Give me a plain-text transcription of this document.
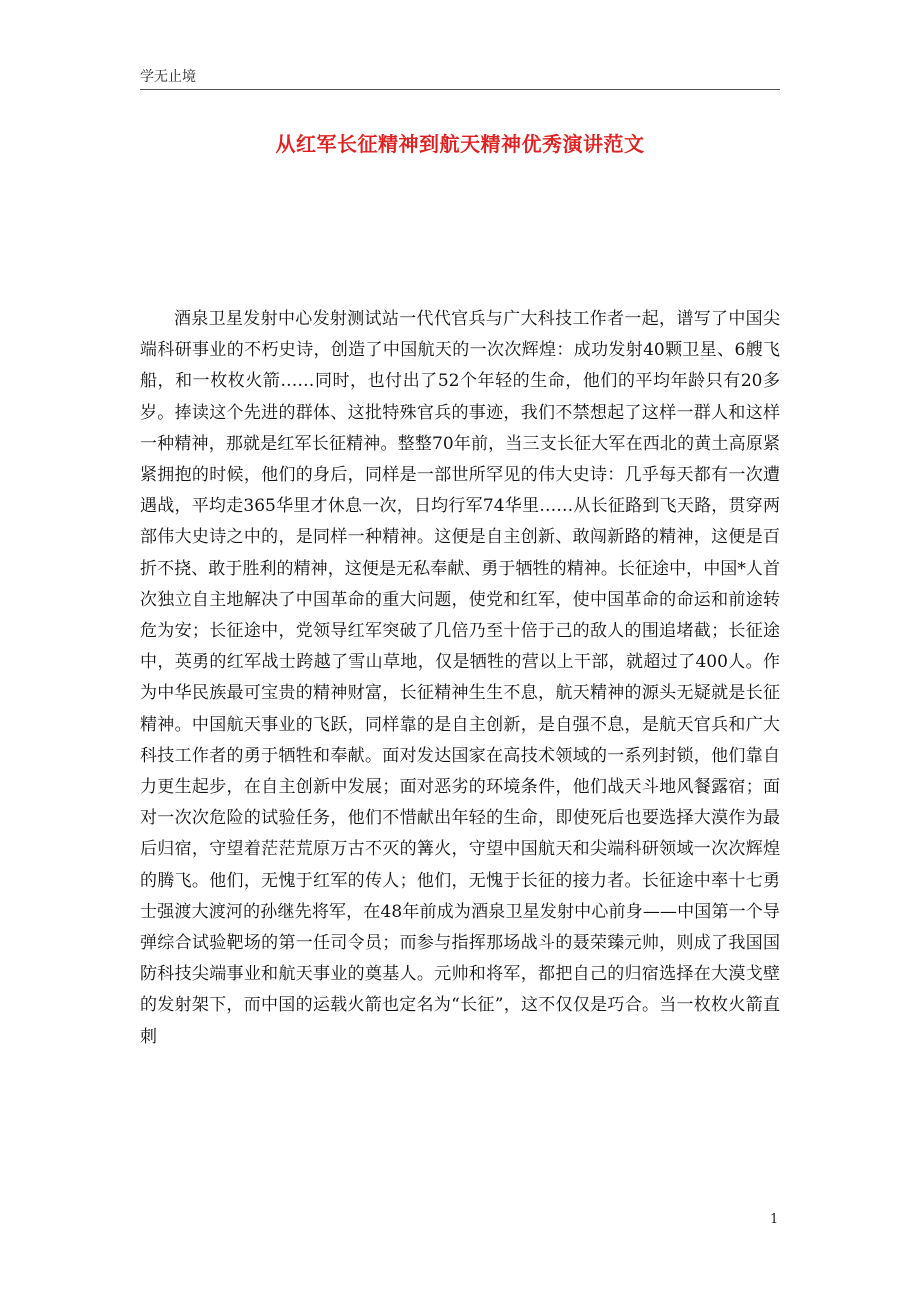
学无止境
从红军长征精神到航天精神优秀演讲范文

酒泉卫星发射中心发射测试站一代代官兵与广大科技工作者一起，谱写了中国尖端科研事业的不朽史诗，创造了中国航天的一次次辉煌：成功发射40颗卫星、6艘飞船，和一枚枚火箭……同时，也付出了52个年轻的生命，他们的平均年龄只有20多岁。捧读这个先进的群体、这批特殊官兵的事迹，我们不禁想起了这样一群人和这样一种精神，那就是红军长征精神。整整70年前，当三支长征大军在西北的黄土高原紧紧拥抱的时候，他们的身后，同样是一部世所罕见的伟大史诗：几乎每天都有一次遭遇战，平均走365华里才休息一次，日均行军74华里……从长征路到飞天路，贯穿两部伟大史诗之中的，是同样一种精神。这便是自主创新、敢闯新路的精神，这便是百折不挠、敢于胜利的精神，这便是无私奉献、勇于牺牲的精神。长征途中，中国*人首次独立自主地解决了中国革命的重大问题，使党和红军，使中国革命的命运和前途转危为安；长征途中，党领导红军突破了几倍乃至十倍于己的敌人的围追堵截；长征途中，英勇的红军战士跨越了雪山草地，仅是牺牲的营以上干部，就超过了400人。作为中华民族最可宝贵的精神财富，长征精神生生不息，航天精神的源头无疑就是长征精神。中国航天事业的飞跃，同样靠的是自主创新，是自强不息，是航天官兵和广大科技工作者的勇于牺牲和奉献。面对发达国家在高技术领域的一系列封锁，他们靠自力更生起步，在自主创新中发展；面对恶劣的环境条件，他们战天斗地风餐露宿；面对一次次危险的试验任务，他们不惜献出年轻的生命，即使死后也要选择大漠作为最后归宿，守望着茫茫荒原万古不灭的篝火，守望中国航天和尖端科研领域一次次辉煌的腾飞。他们，无愧于红军的传人；他们，无愧于长征的接力者。长征途中率十七勇士强渡大渡河的孙继先将军，在48年前成为酒泉卫星发射中心前身——中国第一个导弹综合试验靶场的第一任司令员；而参与指挥那场战斗的聂荣臻元帅，则成了我国国防科技尖端事业和航天事业的奠基人。元帅和将军，都把自己的归宿选择在大漠戈壁的发射架下，而中国的运载火箭也定名为“长征”，这不仅仅是巧合。当一枚枚火箭直刺

1
